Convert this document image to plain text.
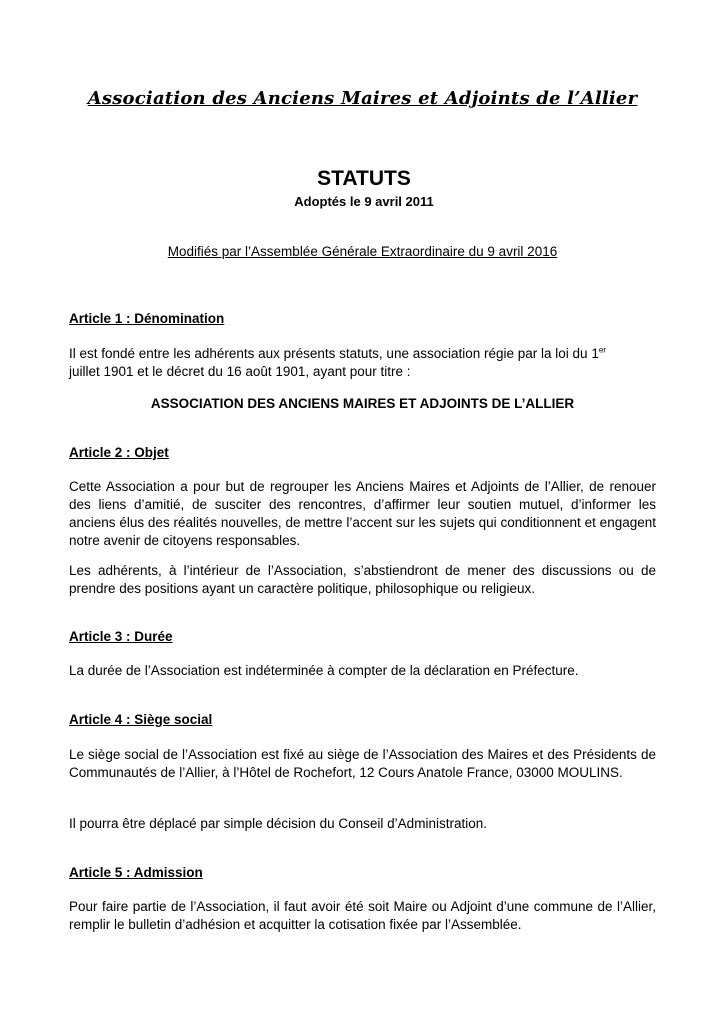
Association des Anciens Maires et Adjoints de l’Allier
STATUTS
Adoptés le 9 avril 2011
Modifiés par l’Assemblée Générale Extraordinaire du 9 avril 2016
Article 1 : Dénomination
Il est fondé entre les adhérents aux présents statuts, une association régie par la loi du 1er
juillet 1901 et le décret du 16 août 1901, ayant pour titre :
ASSOCIATION DES ANCIENS MAIRES ET ADJOINTS DE L’ALLIER
Article 2 : Objet
Cette Association a pour but de regrouper les Anciens Maires et Adjoints de l’Allier, de renouer des liens d’amitié, de susciter des rencontres, d’affirmer leur soutien mutuel, d’informer les anciens élus des réalités nouvelles, de mettre l’accent sur les sujets qui conditionnent et engagent notre avenir de citoyens responsables.
Les adhérents, à l’intérieur de l’Association, s’abstiendront de mener des discussions ou de prendre des positions ayant un caractère politique, philosophique ou religieux.
Article 3 : Durée
La durée de l’Association est indéterminée à compter de la déclaration en Préfecture.
Article 4 : Siège social
Le siège social de l’Association est fixé au siège de l’Association des Maires et des Présidents de Communautés de l’Allier, à l’Hôtel de Rochefort, 12 Cours Anatole France, 03000 MOULINS.
Il pourra être déplacé par simple décision du Conseil d’Administration.
Article 5 : Admission
Pour faire partie de l’Association, il faut avoir été soit Maire ou Adjoint d’une commune de l’Allier, remplir le bulletin d’adhésion et acquitter la cotisation fixée par l’Assemblée.
